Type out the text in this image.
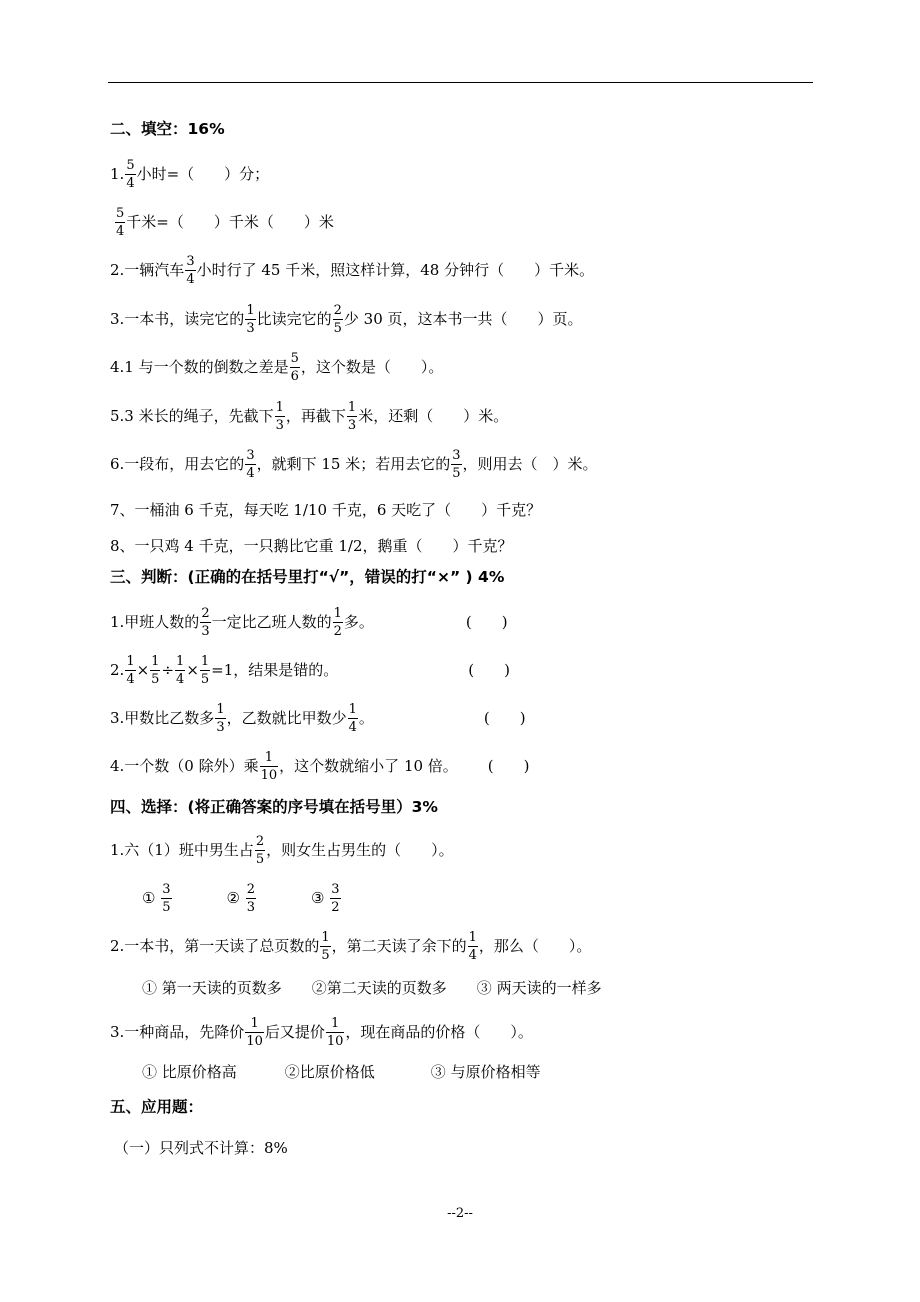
二、填空：16%
1. $\frac{5}{4}$ 小时=（　　）分；
$\frac{5}{4}$ 千米=（　　）千米（　　）米
2.一辆汽车 $\frac{3}{4}$ 小时行了 45 千米，照这样计算，48 分钟行（　　）千米。
3.一本书，读完它的 $\frac{1}{3}$ 比读完它的 $\frac{2}{5}$ 少 30 页，这本书一共（　　）页。
4.1 与一个数的倒数之差是 $\frac{5}{6}$ ，这个数是（　　）。
5.3 米长的绳子，先截下 $\frac{1}{3}$ ，再截下 $\frac{1}{3}$ 米，还剩（　　）米。
6.一段布，用去它的 $\frac{3}{4}$ ，就剩下 15 米；若用去它的 $\frac{3}{5}$ ，则用去（　）米。
7、一桶油 6 千克，每天吃 1/10 千克，6 天吃了（　　）千克？
8、一只鸡 4 千克，一只鹅比它重 1/2，鹅重（　　）千克？
三、判断：(正确的在括号里打“√”，错误的打“×” ) 4%
1.甲班人数的 $\frac{2}{3}$ 一定比乙班人数的 $\frac{1}{2}$ 多。	(　　)
2. $\frac{1}{4} \times \frac{1}{5} \div \frac{1}{4} \times \frac{1}{5} =1$，结果是错的。	(　　)
3.甲数比乙数多 $\frac{1}{3}$ ，乙数就比甲数少 $\frac{1}{4}$ 。	(　　)
4.一个数（0 除外）乘 $\frac{1}{10}$ ，这个数就缩小了 10 倍。 (　　)
四、选择：(将正确答案的序号填在括号里）3%
1.六（1）班中男生占 $\frac{2}{5}$ ，则女生占男生的（　　）。
①
$\frac{3}{5}$	②
$\frac{2}{3}$	③
$\frac{3}{2}$
2.一本书，第一天读了总页数的 $\frac{1}{5}$ ，第二天读了余下的 $\frac{1}{4}$ ，那么（　　）。
① 第一天读的页数多 ②第二天读的页数多 ③ 两天读的一样多
3.一种商品，先降价 $\frac{1}{10}$ 后又提价 $\frac{1}{10}$ ，现在商品的价格（　　）。
① 比原价格高	②比原价格低	③ 与原价格相等
五、应用题：
（一）只列式不计算：8%
--2--
